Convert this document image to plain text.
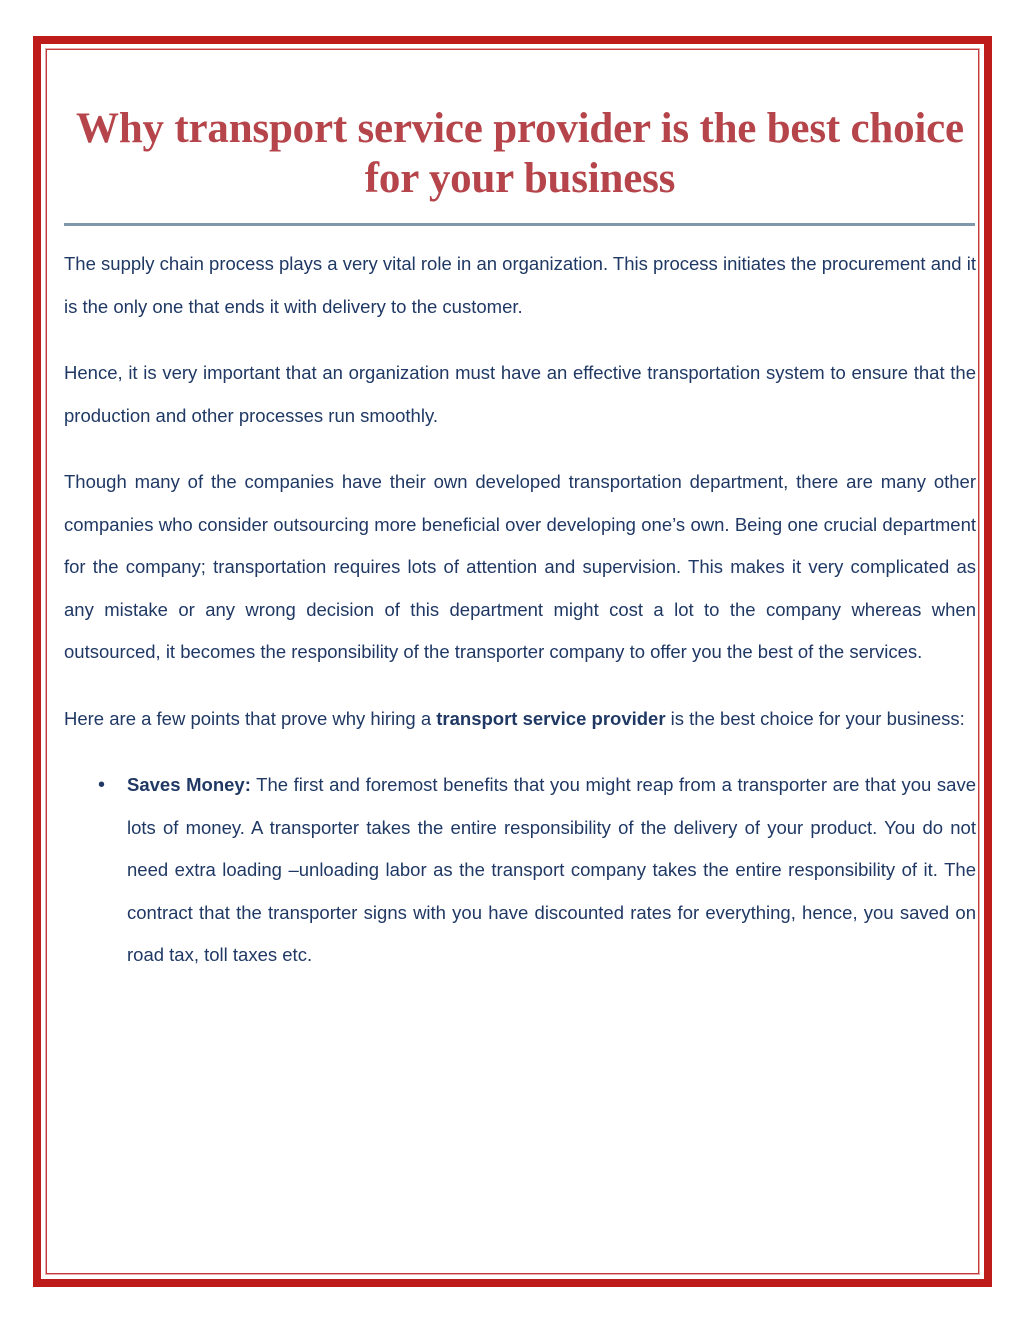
Why transport service provider is the best choice for your business

The supply chain process plays a very vital role in an organization. This process initiates the procurement and it is the only one that ends it with delivery to the customer.

Hence, it is very important that an organization must have an effective transportation system to ensure that the production and other processes run smoothly.

Though many of the companies have their own developed transportation department, there are many other companies who consider outsourcing more beneficial over developing one’s own. Being one crucial department for the company; transportation requires lots of attention and supervision. This makes it very complicated as any mistake or any wrong decision of this department might cost a lot to the company whereas when outsourced, it becomes the responsibility of the transporter company to offer you the best of the services.

Here are a few points that prove why hiring a transport service provider is the best choice for your business:

• Saves Money: The first and foremost benefits that you might reap from a transporter are that you save lots of money. A transporter takes the entire responsibility of the delivery of your product. You do not need extra loading –unloading labor as the transport company takes the entire responsibility of it. The contract that the transporter signs with you have discounted rates for everything, hence, you saved on road tax, toll taxes etc.
